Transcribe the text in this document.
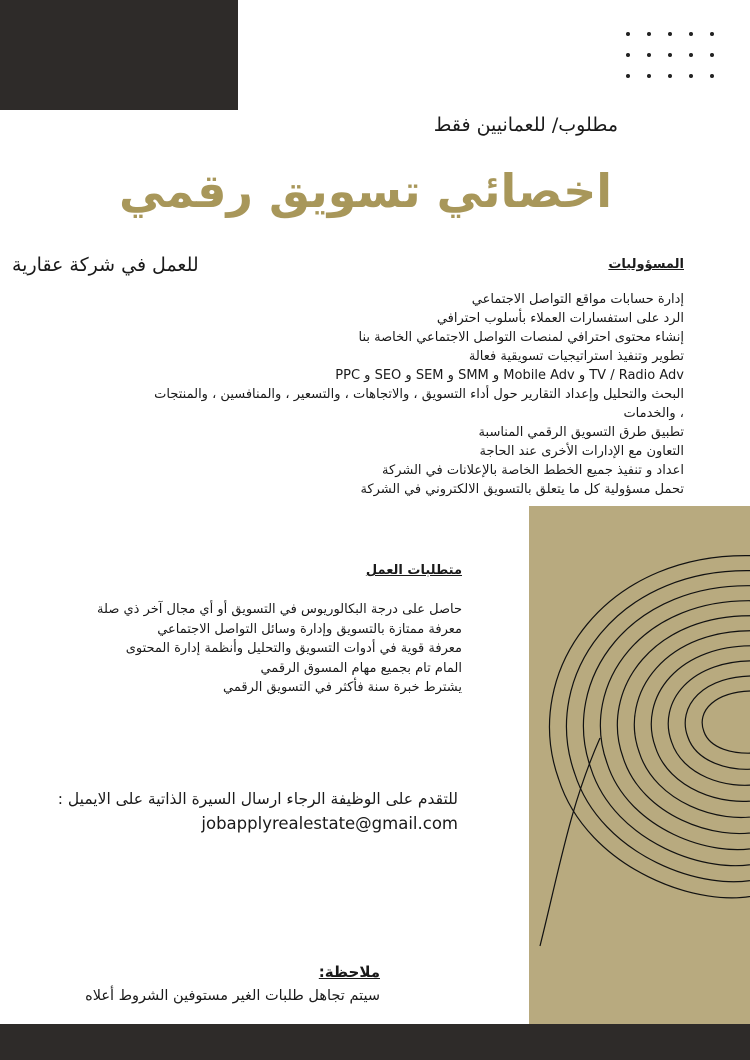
مطلوب/ للعمانيين فقط
اخصائي تسويق رقمي
للعمل في شركة عقارية	المسؤوليات
إدارة حسابات مواقع التواصل الاجتماعي
الرد على استفسارات العملاء بأسلوب احترافي
إنشاء محتوى احترافي لمنصات التواصل الاجتماعي الخاصة بنا
تطوير وتنفيذ استراتيجيات تسويقية فعالة
TV / Radio Adv و Mobile Adv و SMM و SEM و SEO و PPC
البحث والتحليل وإعداد التقارير حول أداء التسويق ، والاتجاهات ، والتسعير ، والمنافسين ، والمنتجات
، والخدمات
تطبيق طرق التسويق الرقمي المناسبة
التعاون مع الإدارات الأخرى عند الحاجة
اعداد و تنفيذ جميع الخطط الخاصة بالإعلانات في الشركة
تحمل مسؤولية كل ما يتعلق بالتسويق الالكتروني في الشركة
متطلبات العمل
حاصل على درجة البكالوريوس في التسويق أو أي مجال آخر ذي صلة
معرفة ممتازة بالتسويق وإدارة وسائل التواصل الاجتماعي
معرفة قوية في أدوات التسويق والتحليل وأنظمة إدارة المحتوى
المام تام بجميع مهام المسوق الرقمي
يشترط خبرة سنة فأكثر في التسويق الرقمي
للتقدم على الوظيفة الرجاء ارسال السيرة الذاتية على الايميل :
jobapplyrealestate@gmail.com
ملاحظة:
سيتم تجاهل طلبات الغير مستوفين الشروط أعلاه
